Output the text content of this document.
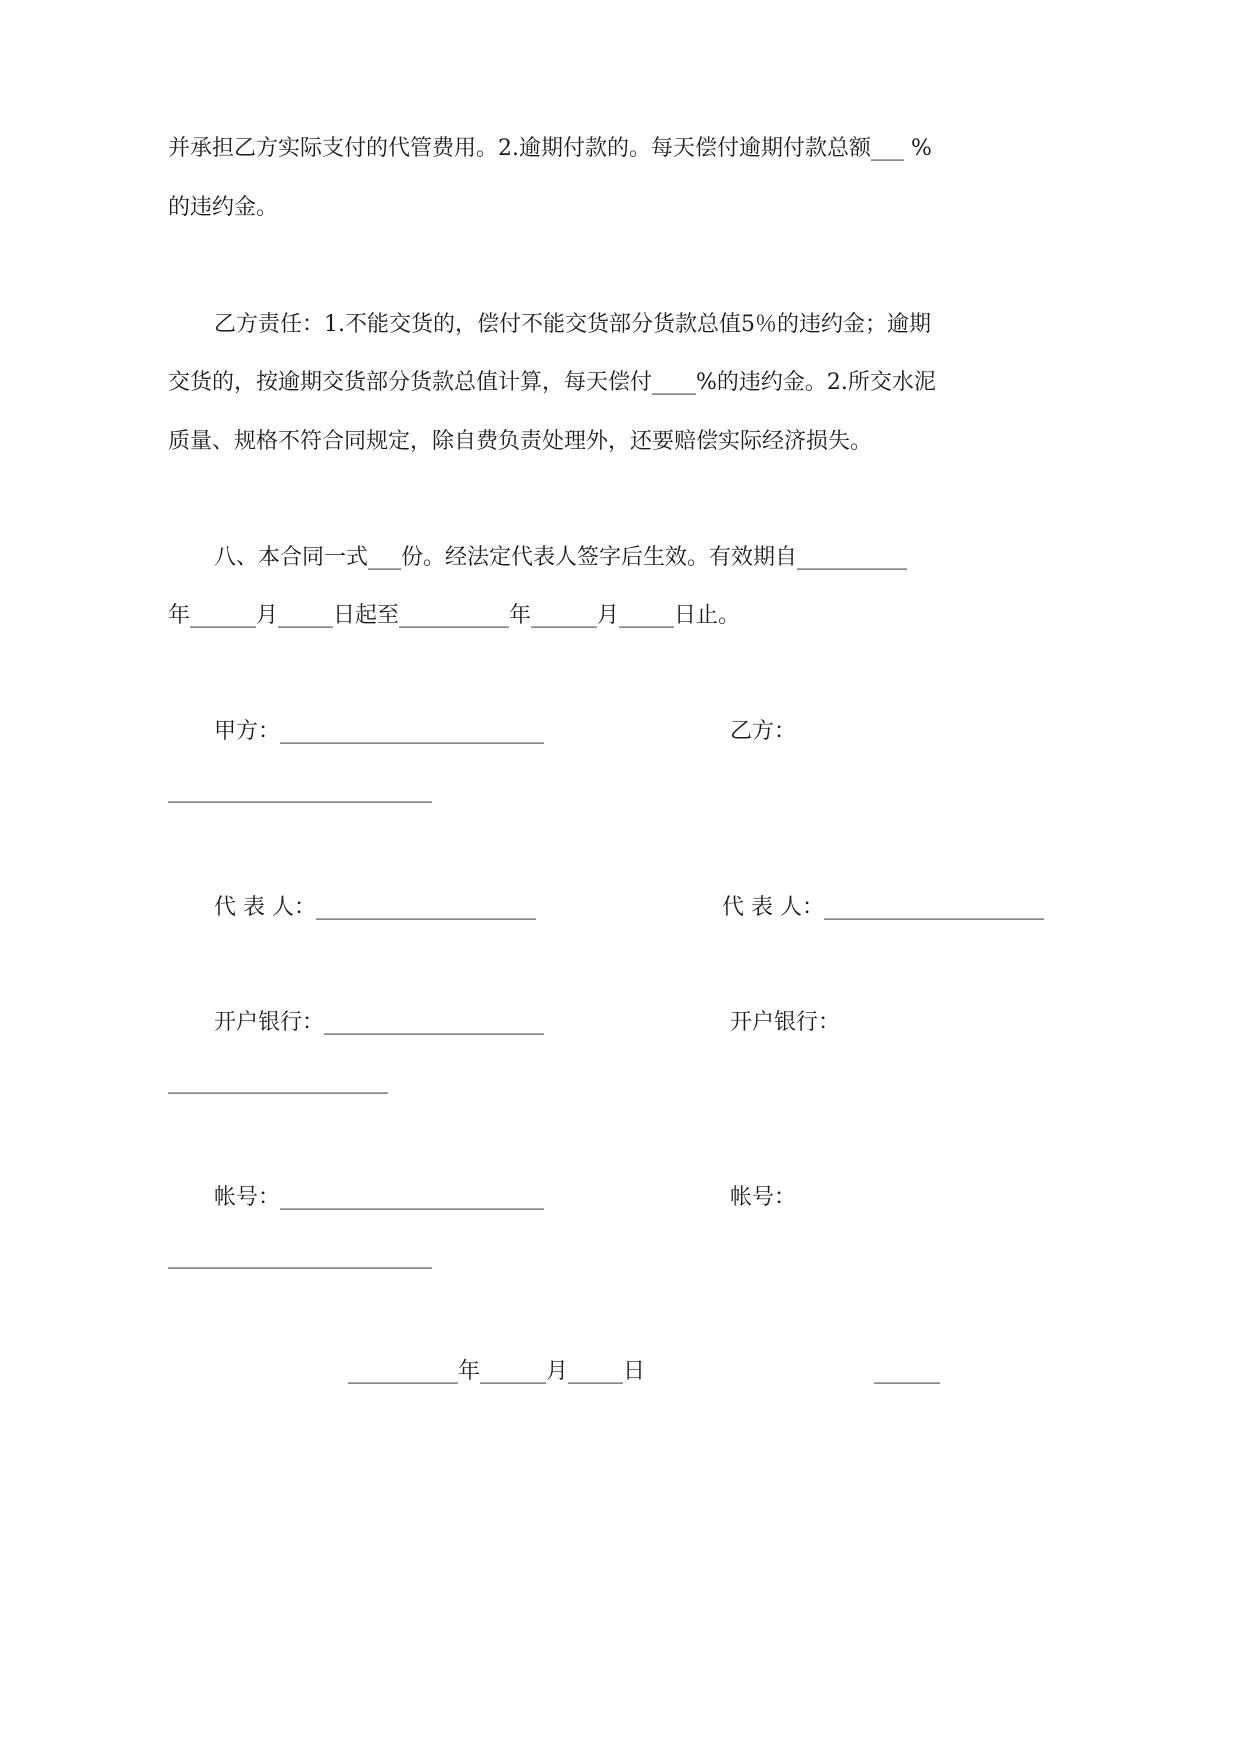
并承担乙方实际支付的代管费用。2.逾期付款的。每天偿付逾期付款总额___ %

的违约金。

乙方责任：1.不能交货的，偿付不能交货部分货款总值5％的违约金；逾期

交货的，按逾期交货部分货款总值计算，每天偿付____%的违约金。2.所交水泥

质量、规格不符合同规定，除自费负责处理外，还要赔偿实际经济损失。

八、本合同一式___份。经法定代表人签字后生效。有效期自__________

年______月_____日起至__________年______月_____日止。

甲方：________________________	乙方：

________________________

代 表 人：____________________	代 表 人：____________________

开户银行：____________________	开户银行：

____________________

帐号：________________________	帐号：

________________________

__________年______月_____日	______
